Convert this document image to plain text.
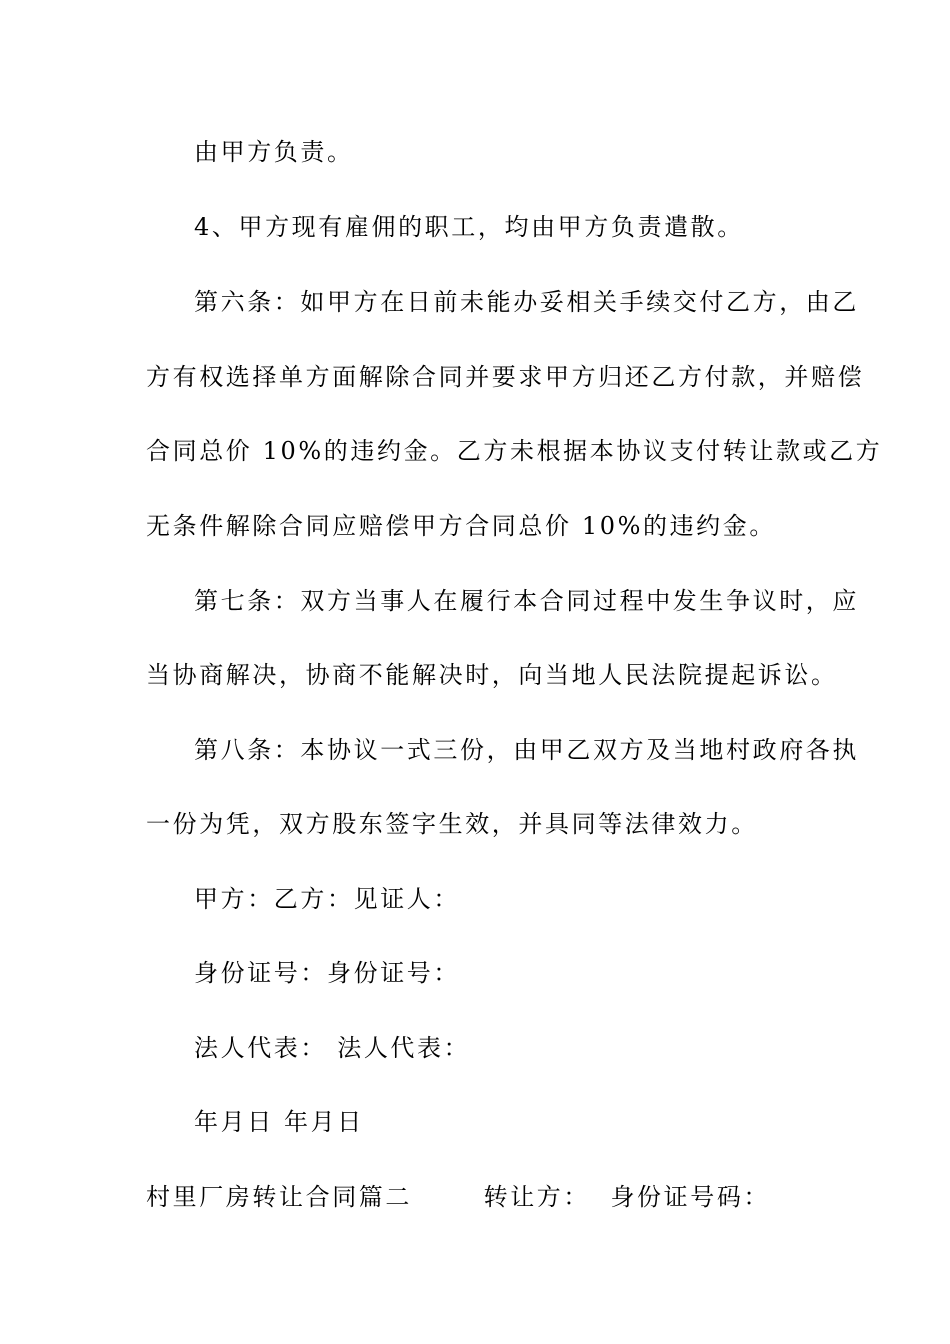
由甲方负责。
4、甲方现有雇佣的职工，均由甲方负责遣散。
第六条：如甲方在日前未能办妥相关手续交付乙方，由乙
方有权选择单方面解除合同并要求甲方归还乙方付款，并赔偿
合同总价 10%的违约金。乙方未根据本协议支付转让款或乙方
无条件解除合同应赔偿甲方合同总价 10%的违约金。
第七条：双方当事人在履行本合同过程中发生争议时，应
当协商解决，协商不能解决时，向当地人民法院提起诉讼。
第八条：本协议一式三份，由甲乙双方及当地村政府各执
一份为凭，双方股东签字生效，并具同等法律效力。
甲方：乙方：见证人：
身份证号：身份证号：
法人代表： 法人代表：
年月日 年月日
村里厂房转让合同篇二       转让方：  身份证号码：
